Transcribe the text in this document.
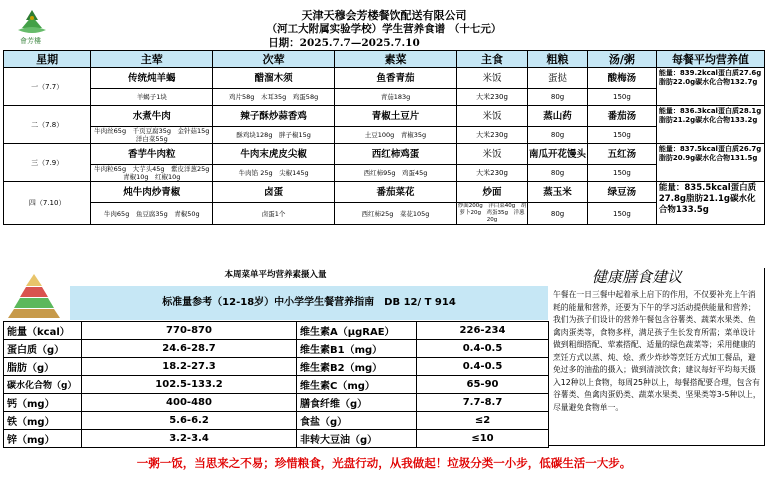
會芳樓
天津天穆会芳楼餐饮配送有限公司
（河工大附属实验学校）学生营养食谱 （十七元）
日期：2025.7.7—2025.7.10
星期	主荤	次荤	素菜	主食	粗粮	汤/粥	每餐平均营养值
一（7.7）	传统炖羊蝎	醋溜木须	鱼香青茄	米饭	蛋挞	酸梅汤	能量：839.2kcal蛋白质27.6g脂肪22.0g碳水化合物132.7g
	羊蝎子1块	鸡片58g　木耳35g　鸡蛋58g	青茄183g	大米230g	80g	150g	
二（7.8）	水煮牛肉	辣子酥炒蒜香鸡	青椒土豆片	米饭	蒸山药	番茄汤	能量：836.3kcal蛋白质28.1g脂肪21.2g碳水化合物133.2g
	牛肉丝65g　千页豆腐35g　金针菇15g　洋白菜55g	酥鸡块128g　胖子椒15g	土豆100g　青椒35g	大米230g	80g	150g	
三（7.9）	香芋牛肉粒	牛肉末虎皮尖椒	西红柿鸡蛋	米饭	南瓜开花馒头	五红汤	能量：837.5kcal蛋白质26.7g脂肪20.9g碳水化合物131.5g
	牛肉粒65g　大芋头45g　紫皮洋葱25g　青椒10g　红椒10g	牛肉馅 25g　尖椒145g	西红柿95g　鸡蛋45g	大米230g	80g	150g	
四（7.10）	炖牛肉炒青椒	卤蛋	番茄菜花	炒面	蒸玉米	绿豆汤	能量：835.5kcal蛋白质27.8g脂肪21.1g碳水化合物133.5g
	牛肉65g　鱼豆腐35g　青椒50g	卤蛋1个	西红柿25g　菜花105g	炒面200g　洋白菜40g　胡萝卜20g　鸡蛋35g　洋葱20g	80g	150g	
本周菜单平均营养素摄入量
标准量参考（12-18岁）中小学学生餐营养指南　DB 12/ T 914
能量（kcal）	770-870	维生素A（μgRAE）	226-234
蛋白质（g）	24.6-28.7	维生素B1（mg）	0.4-0.5
脂肪（g）	18.2-27.3	维生素B2（mg）	0.4-0.5
碳水化合物（g）	102.5-133.2	维生素C（mg）	65-90
钙（mg）	400-480	膳食纤维（g）	7.7-8.7
铁（mg）	5.6-6.2	食盐（g）	≤2
锌（mg）	3.2-3.4	非转大豆油（g）	≤10
健康膳食建议
午餐在一日三餐中起着承上启下的作用，不仅要补充上午消耗的能量和营养，还要为下午的学习活动提供能量和营养；我们为孩子们设计的营养午餐包含谷薯类、蔬菜水果类、鱼禽肉蛋类等，食物多样，满足孩子生长发育所需；菜单设计做到粗细搭配、荤素搭配、适量的绿色蔬菜等；采用健康的烹饪方式以蒸、炖、烩、煮少炸炒等烹饪方式加工餐品，避免过多的油盐的摄入；做到清淡饮食；建议每好平均每天摄入12种以上食物，每周25种以上，每餐搭配要合理，包含有谷薯类、鱼禽肉蛋奶类、蔬菜水果类、坚果类等3-5种以上，尽量避免食物单一。
一粥一饭，当思来之不易；珍惜粮食，光盘行动，从我做起！垃圾分类一小步，低碳生活一大步。
